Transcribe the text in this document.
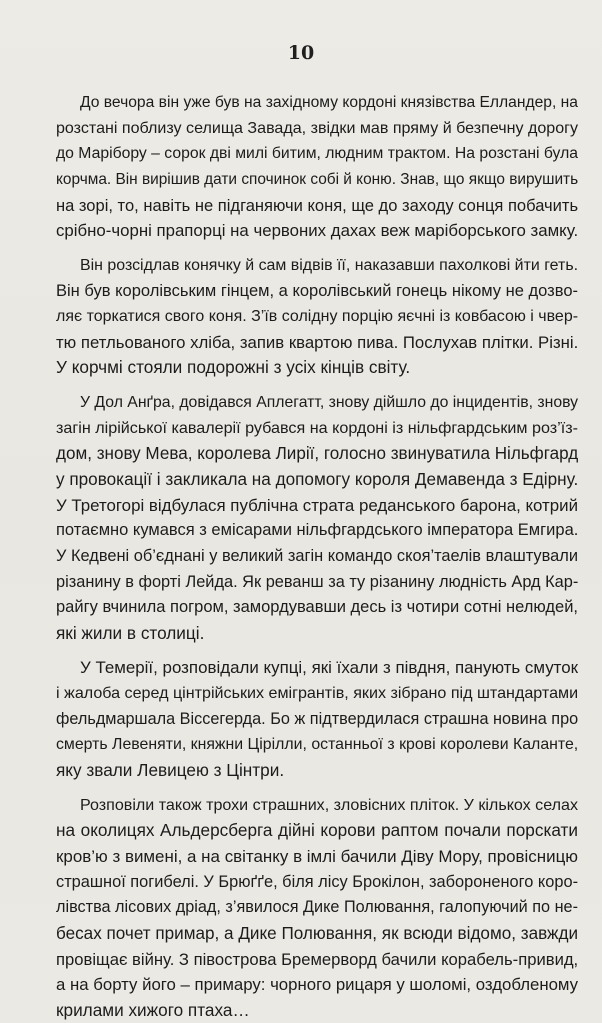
10
До вечора він уже був на західному кордоні князівства Елландер, на
розстані поблизу селища Завада, звідки мав пряму й безпечну дорогу
до Марібору – сорок дві милі битим, людним трактом. На розстані була
корчма. Він вирішив дати спочинок собі й коню. Знав, що якщо вирушить
на зорі, то, навіть не підганяючи коня, ще до заходу сонця побачить
срібно-чорні прапорці на червоних дахах веж маріборського замку.
Він розсідлав конячку й сам відвів її, наказавши пахолкові йти геть.
Він був королівським гінцем, а королівський гонець нікому не дозво-
ляє торкатися свого коня. З’їв солідну порцію яєчні із ковбасою і чвер-
тю петльованого хліба, запив квартою пива. Послухав плітки. Різні.
У корчмі стояли подорожні з усіх кінців світу.
У Дол Анґра, довідався Аплегатт, знову дійшло до інцидентів, знову
загін лірійської кавалерії рубався на кордоні із нільфгардським роз’їз-
дом, знову Мева, королева Лирії, голосно звинуватила Нільфгард
у провокації і закликала на допомогу короля Демавенда з Едірну.
У Третогорі відбулася публічна страта реданського барона, котрий
потаємно кумався з емісарами нільфгардського імператора Емгира.
У Кедвені об’єднані у великий загін командо скоя’таелів влаштували
різанину в форті Лейда. Як реванш за ту різанину людність Ард Кар-
райгу вчинила погром, замордувавши десь із чотири сотні нелюдей,
які жили в столиці.
У Темерії, розповідали купці, які їхали з півдня, панують смуток
і жалоба серед цінтрійських емігрантів, яких зібрано під штандартами
фельдмаршала Віссегерда. Бо ж підтвердилася страшна новина про
смерть Левеняти, княжни Цірілли, останньої з крові королеви Каланте,
яку звали Левицею з Цінтри.
Розповіли також трохи страшних, зловісних пліток. У кількох селах
на околицях Альдерсберга дійні корови раптом почали порскати
кров’ю з вимені, а на світанку в імлі бачили Діву Мору, провісницю
страшної погибелі. У Брюґґе, біля лісу Брокілон, забороненого коро-
лівства лісових дріад, з’явилося Дике Полювання, галопуючий по не-
бесах почет примар, а Дике Полювання, як всюди відомо, завжди
провіщає війну. З півострова Бремерворд бачили корабель-привид,
а на борту його – примару: чорного рицаря у шоломі, оздобленому
крилами хижого птаха…
